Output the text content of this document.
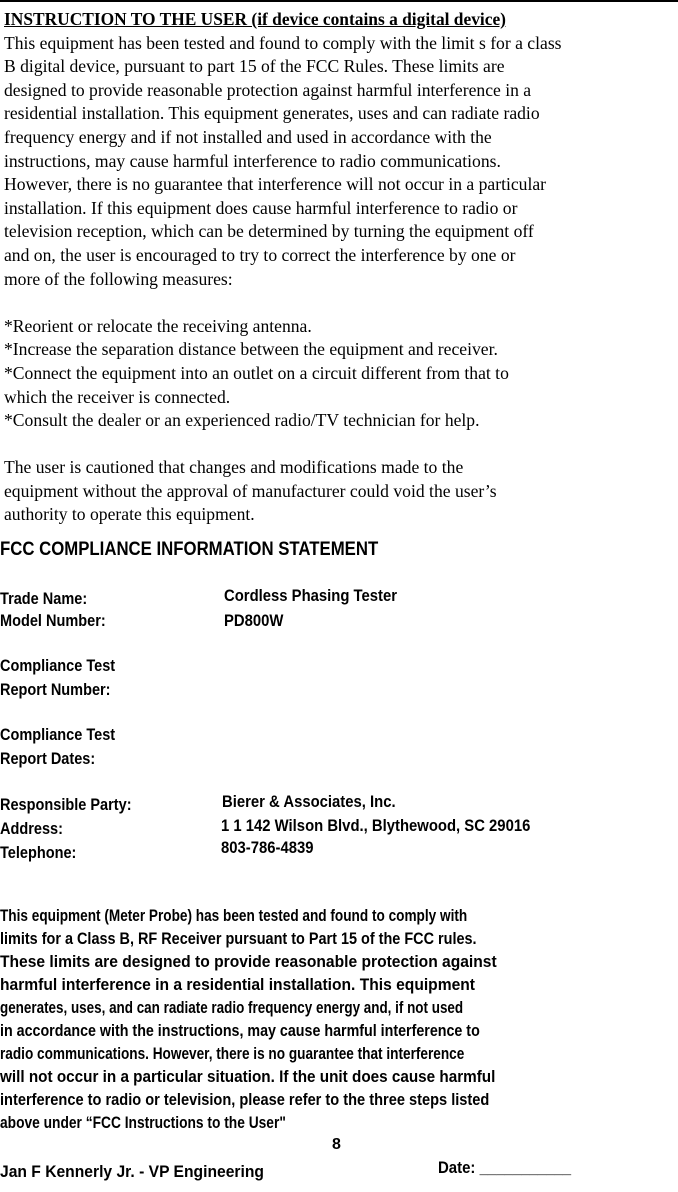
INSTRUCTION TO THE USER (if device contains a digital device)
This equipment has been tested and found to comply with the limit s for a class
B digital device, pursuant to part 15 of the FCC Rules. These limits are
designed to provide reasonable protection against harmful interference in a
residential installation. This equipment generates, uses and can radiate radio
frequency energy and if not installed and used in accordance with the
instructions, may cause harmful interference to radio communications.
However, there is no guarantee that interference will not occur in a particular
installation. If this equipment does cause harmful interference to radio or
television reception, which can be determined by turning the equipment off
and on, the user is encouraged to try to correct the interference by one or
more of the following measures:
*Reorient or relocate the receiving antenna.
*Increase the separation distance between the equipment and receiver.
*Connect the equipment into an outlet on a circuit different from that to
which the receiver is connected.
*Consult the dealer or an experienced radio/TV technician for help.
The user is cautioned that changes and modifications made to the
equipment without the approval of manufacturer could void the user’s
authority to operate this equipment.
FCC COMPLIANCE INFORMATION STATEMENT
Trade Name:	Cordless Phasing Tester
Model Number:	PD800W
Compliance Test
Report Number:
Compliance Test
Report Dates:
Responsible Party:	Bierer & Associates, Inc.
Address:	1 1 142 Wilson Blvd., Blythewood, SC 29016
Telephone:	803-786-4839
This equipment (Meter Probe) has been tested and found to comply with
limits for a Class B, RF Receiver pursuant to Part 15 of the FCC rules.
These limits are designed to provide reasonable protection against
harmful interference in a residential installation. This equipment
generates, uses, and can radiate radio frequency energy and, if not used
in accordance with the instructions, may cause harmful interference to
radio communications. However, there is no guarantee that interference
will not occur in a particular situation. If the unit does cause harmful
interference to radio or television, please refer to the three steps listed
above under “FCC Instructions to the User"
8
Jan F Kennerly Jr. - VP Engineering	Date: ___________
